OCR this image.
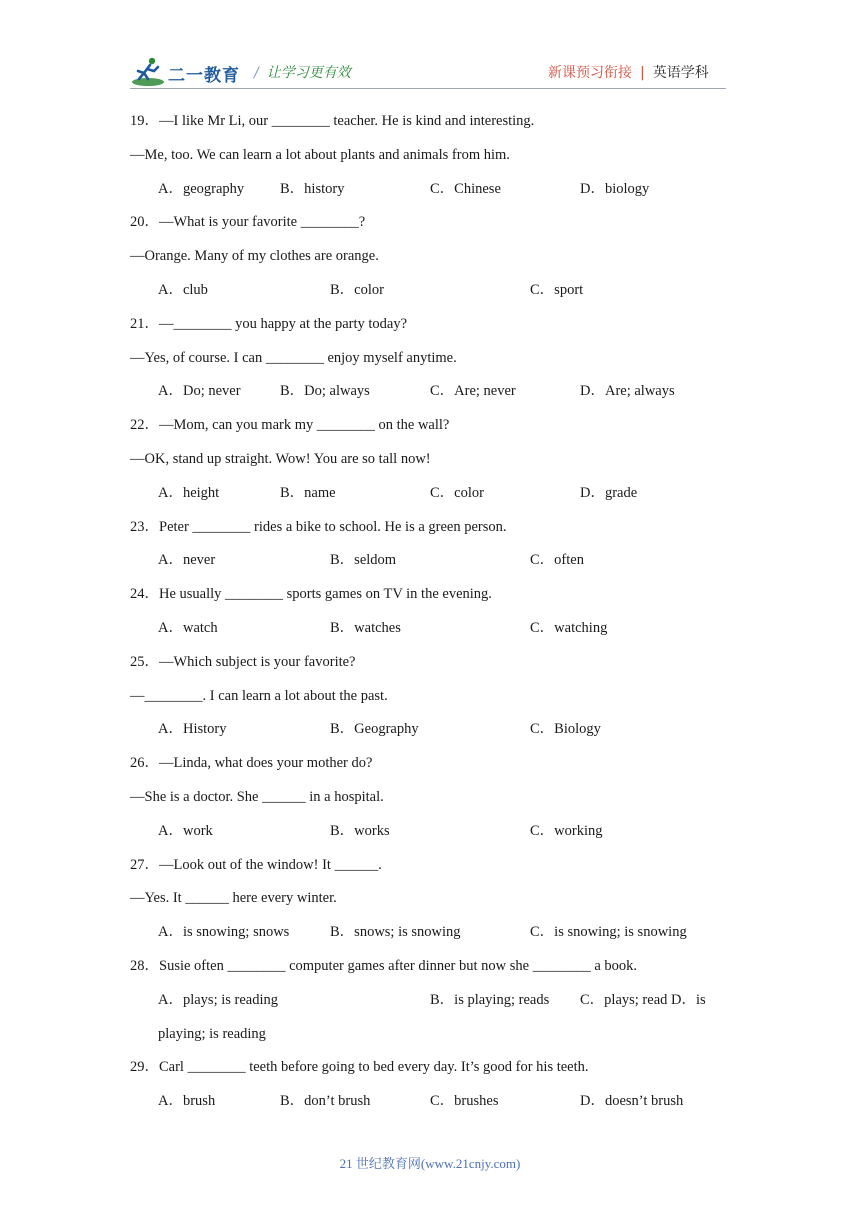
二一教育 / 让学习更有效	新课预习衔接 | 英语学科
19．—I like Mr Li, our ________ teacher. He is kind and interesting.
—Me, too. We can learn a lot about plants and animals from him.
A．geography B．history	C．Chinese	D．biology
20．—What is your favorite ________?
—Orange. Many of my clothes are orange.
A．club	B．color	C．sport
21．—________ you happy at the party today?
—Yes, of course. I can ________ enjoy myself anytime.
A．Do; never	B．Do; always	C．Are; never	D．Are; always
22．—Mom, can you mark my ________ on the wall?
—OK, stand up straight. Wow! You are so tall now!
A．height	B．name	C．color	D．grade
23．Peter ________ rides a bike to school. He is a green person.
A．never	B．seldom	C．often
24．He usually ________ sports games on TV in the evening.
A．watch	B．watches	C．watching
25．—Which subject is your favorite?
—________. I can learn a lot about the past.
A．History	B．Geography	C．Biology
26．—Linda, what does your mother do?
—She is a doctor. She ______ in a hospital.
A．work	B．works	C．working
27．—Look out of the window! It ______.
—Yes. It ______ here every winter.
A．is snowing; snows	B．snows; is snowing	C．is snowing; is snowing
28．Susie often ________ computer games after dinner but now she ________ a book.
A．plays; is reading	B．is playing; reads C．plays; read D．is
playing; is reading
29．Carl ________ teeth before going to bed every day. It’s good for his teeth.
A．brush	B．don’t brush	C．brushes	D．doesn’t brush
21 世纪教育网(www.21cnjy.com)
